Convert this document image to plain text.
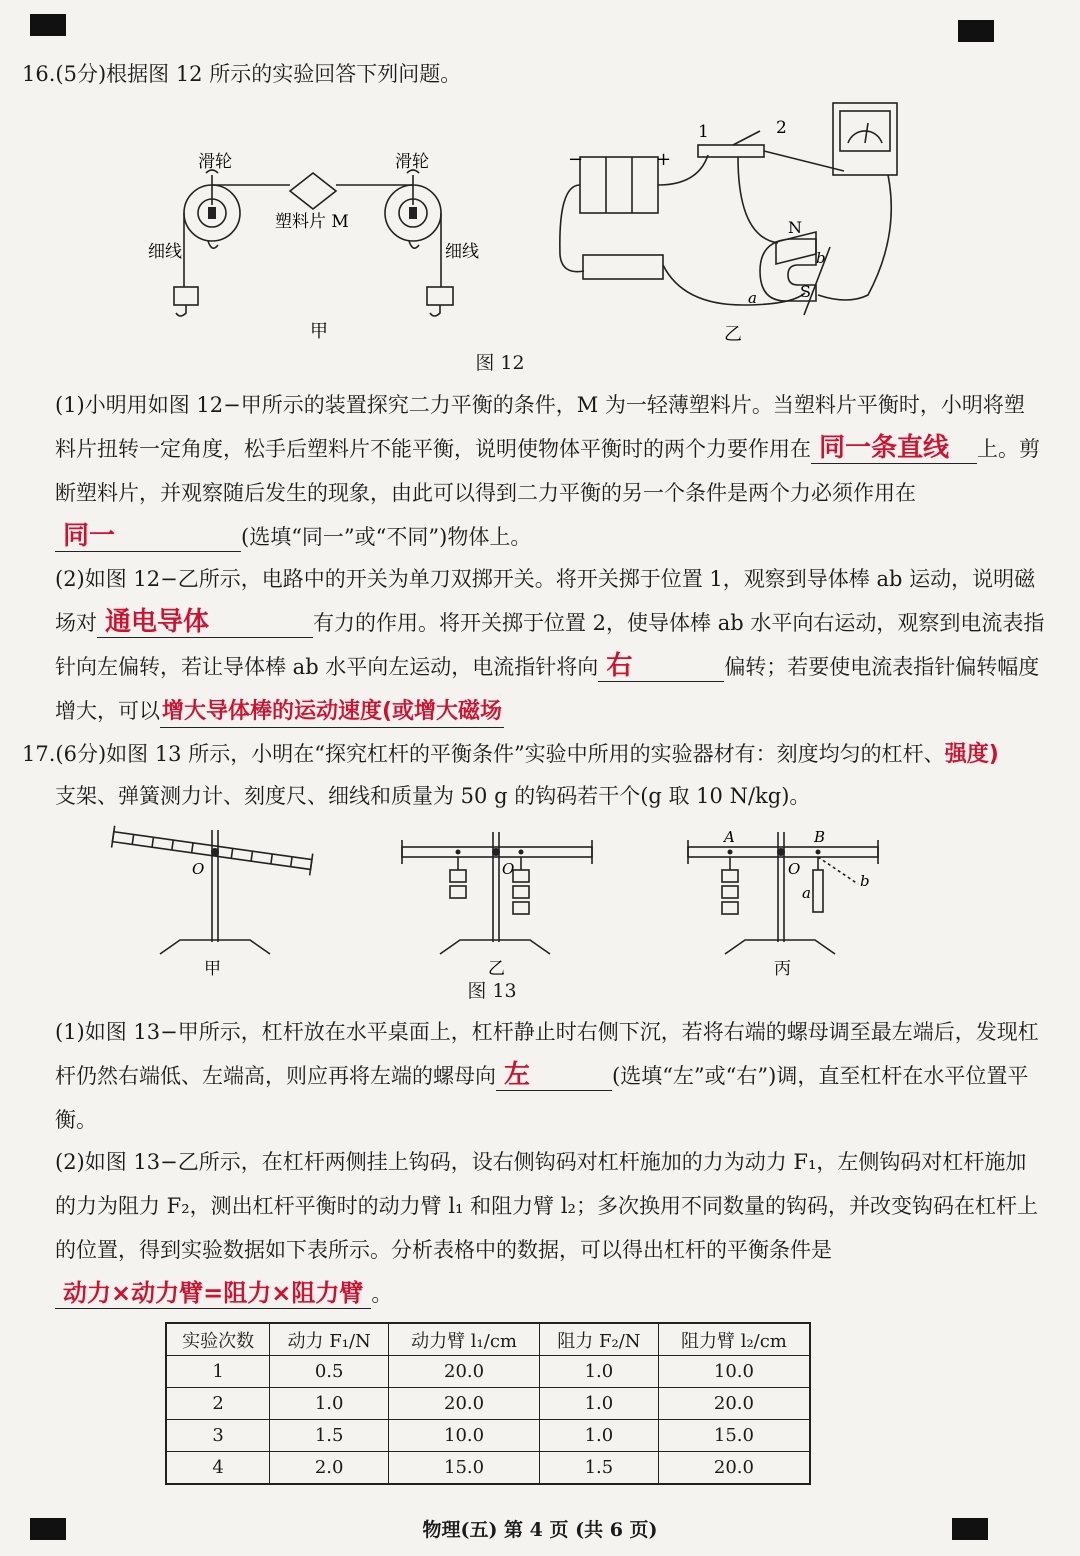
16.(5分)根据图 12 所示的实验回答下列问题。
滑轮	滑轮
塑料片 M
细线	细线
甲
−	+
1	2
N
S
a
b
乙
图 12
(1)小明用如图 12−甲所示的装置探究二力平衡的条件，M 为一轻薄塑料片。当塑料片平衡时，小明将塑料片扭转一定角度，松手后塑料片不能平衡，说明使物体平衡时的两个力要作用在 同一条直线 上。剪断塑料片，并观察随后发生的现象，由此可以得到二力平衡的另一个条件是两个力必须作用在同一	(选填“同一”或“不同”)物体上。
(2)如图 12−乙所示，电路中的开关为单刀双掷开关。将开关掷于位置 1，观察到导体棒 ab 运动，说明磁场对 通电导体	有力的作用。将开关掷于位置 2，使导体棒 ab 水平向右运动，观察到电流表指针向左偏转，若让导体棒 ab 水平向左运动，电流指针将向 右	偏转；若要使电流表指针偏转幅度增大，可以增大导体棒的运动速度(或增大磁场
17.(6分)如图 13 所示，小明在“探究杠杆的平衡条件”实验中所用的实验器材有：刻度均匀的杠杆、强度)
支架、弹簧测力计、刻度尺、细线和质量为 50 g 的钩码若干个(g 取 10 N/kg)。
O	O	O
A	B
a
b
甲	乙	丙
图 13
(1)如图 13−甲所示，杠杆放在水平桌面上，杠杆静止时右侧下沉，若将右端的螺母调至最左端后，发现杠杆仍然右端低、左端高，则应再将左端的螺母向 左	(选填“左”或“右”)调，直至杠杆在水平位置平衡。
(2)如图 13−乙所示，在杠杆两侧挂上钩码，设右侧钩码对杠杆施加的力为动力 F₁，左侧钩码对杠杆施加的力为阻力 F₂，测出杠杆平衡时的动力臂 l₁ 和阻力臂 l₂；多次换用不同数量的钩码，并改变钩码在杠杆上的位置，得到实验数据如下表所示。分析表格中的数据，可以得出杠杆的平衡条件是动力×动力臂=阻力×阻力臂 。
实验次数	动力 F₁/N	动力臂 l₁/cm	阻力 F₂/N	阻力臂 l₂/cm
1	0.5	20.0	1.0	10.0
2	1.0	20.0	1.0	20.0
3	1.5	10.0	1.0	15.0
4	2.0	15.0	1.5	20.0
物理(五) 第 4 页 (共 6 页)
